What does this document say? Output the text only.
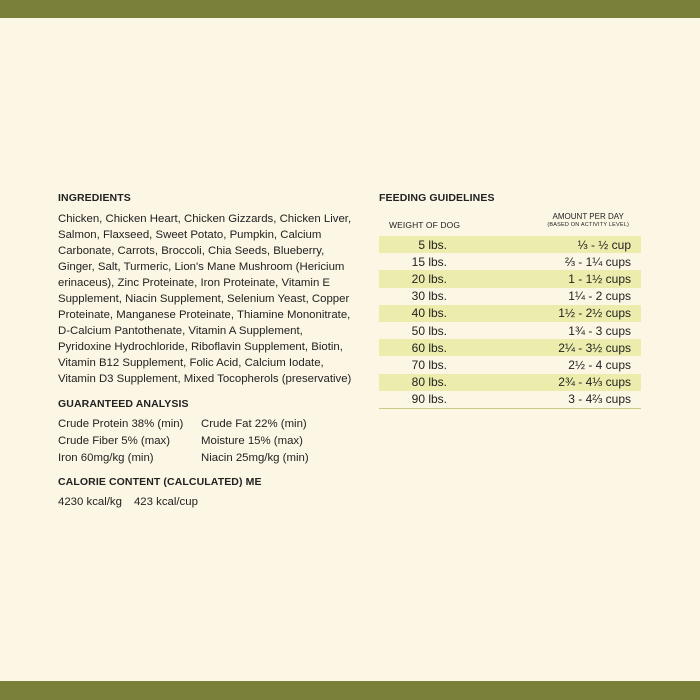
INGREDIENTS

Chicken, Chicken Heart, Chicken Gizzards, Chicken Liver, Salmon, Flaxseed, Sweet Potato, Pumpkin, Calcium Carbonate, Carrots, Broccoli, Chia Seeds, Blueberry, Ginger, Salt, Turmeric, Lion's Mane Mushroom (Hericium erinaceus), Zinc Proteinate, Iron Proteinate, Vitamin E Supplement, Niacin Supplement, Selenium Yeast, Copper Proteinate, Manganese Proteinate, Thiamine Mononitrate, D-Calcium Pantothenate, Vitamin A Supplement, Pyridoxine Hydrochloride, Riboflavin Supplement, Biotin, Vitamin B12 Supplement, Folic Acid, Calcium Iodate, Vitamin D3 Supplement, Mixed Tocopherols (preservative)

GUARANTEED ANALYSIS
Crude Protein 38% (min)	Crude Fat 22% (min)
Crude Fiber 5% (max)	Moisture 15% (max)
Iron 60mg/kg (min)	Niacin 25mg/kg (min)
CALORIE CONTENT (CALCULATED) ME
4230 kcal/kg 423 kcal/cup
FEEDING GUIDELINES
WEIGHT OF DOG
AMOUNT PER DAY
(BASED ON ACTIVITY LEVEL)
5 lbs.	⅓ - ½ cup
15 lbs.	⅔ - 1¼ cups
20 lbs.	1 - 1½ cups
30 lbs.	1¼ - 2 cups
40 lbs.	1½ - 2½ cups
50 lbs.	1¾ - 3 cups
60 lbs.	2¼ - 3½ cups
70 lbs.	2½ - 4 cups
80 lbs.	2¾ - 4⅓ cups
90 lbs.	3 - 4⅔ cups
